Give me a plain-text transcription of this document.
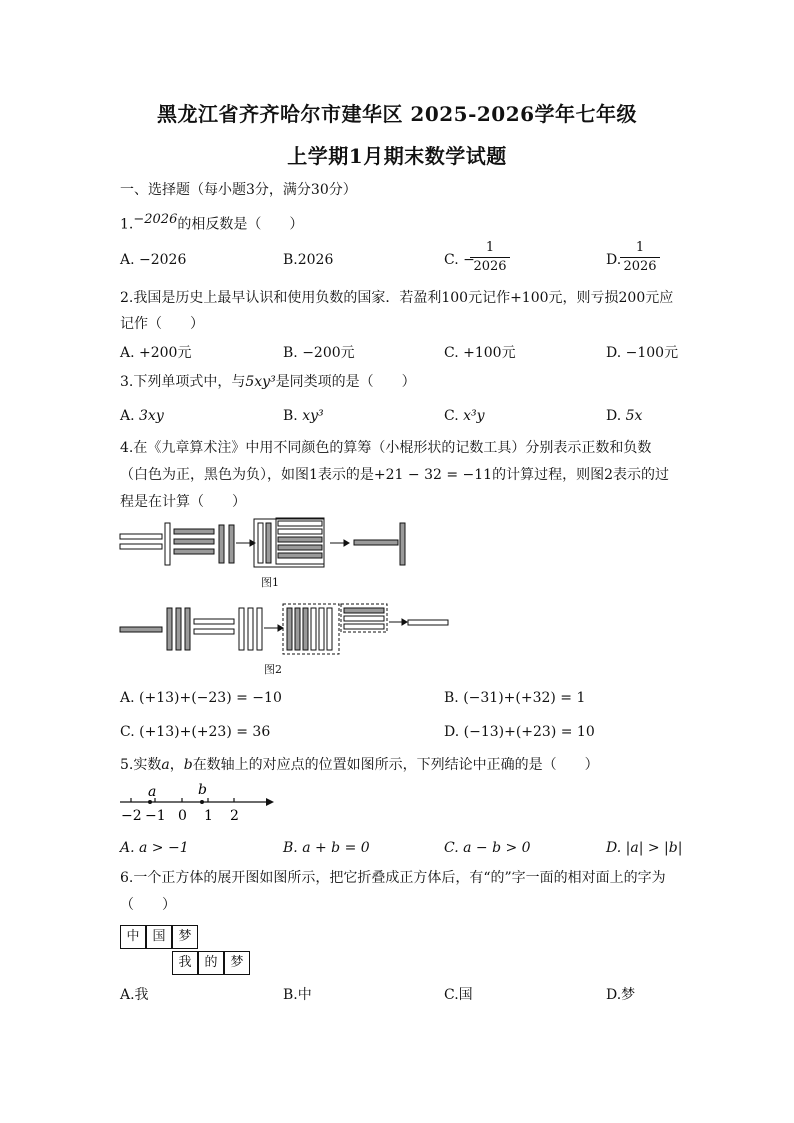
黑龙江省齐齐哈尔市建华区 2025-2026学年七年级
上学期1月期末数学试题
一、选择题（每小题3分，满分30分）
1.$^{-2026}$的相反数是（　　）
A. −2026	B.2026	C. −
1
2026	D.
1
2026
2.我国是历史上最早认识和使用负数的国家．若盈利100元记作+100元，则亏损200元应
记作（　　）
A. +200元	B. −200元	C. +100元	D. −100元
3.下列单项式中，与5xy³是同类项的是（　　）
A. 3xy	B. xy³	C. x³y	D. 5x
4.在《九章算术注》中用不同颜色的算筹（小棍形状的记数工具）分别表示正数和负数
（白色为正，黑色为负），如图1表示的是+21 − 32 = −11的计算过程，则图2表示的过
程是在计算（　　）
图1
图2
A. (+13)+(−23) = −10	B. (−31)+(+32) = 1
C. (+13)+(+23) = 36	D. (−13)+(+23) = 10
5.实数a，b在数轴上的对应点的位置如图所示，下列结论中正确的是（　　）
a	b
−2 −1 0 1 2
A. a > −1	B. a + b = 0	C. a − b > 0	D. |a| > |b|
6.一个正方体的展开图如图所示，把它折叠成正方体后，有“的”字一面的相对面上的字为
（　　）
中 国 梦
我 的 梦
A.我	B.中	C.国	D.梦
